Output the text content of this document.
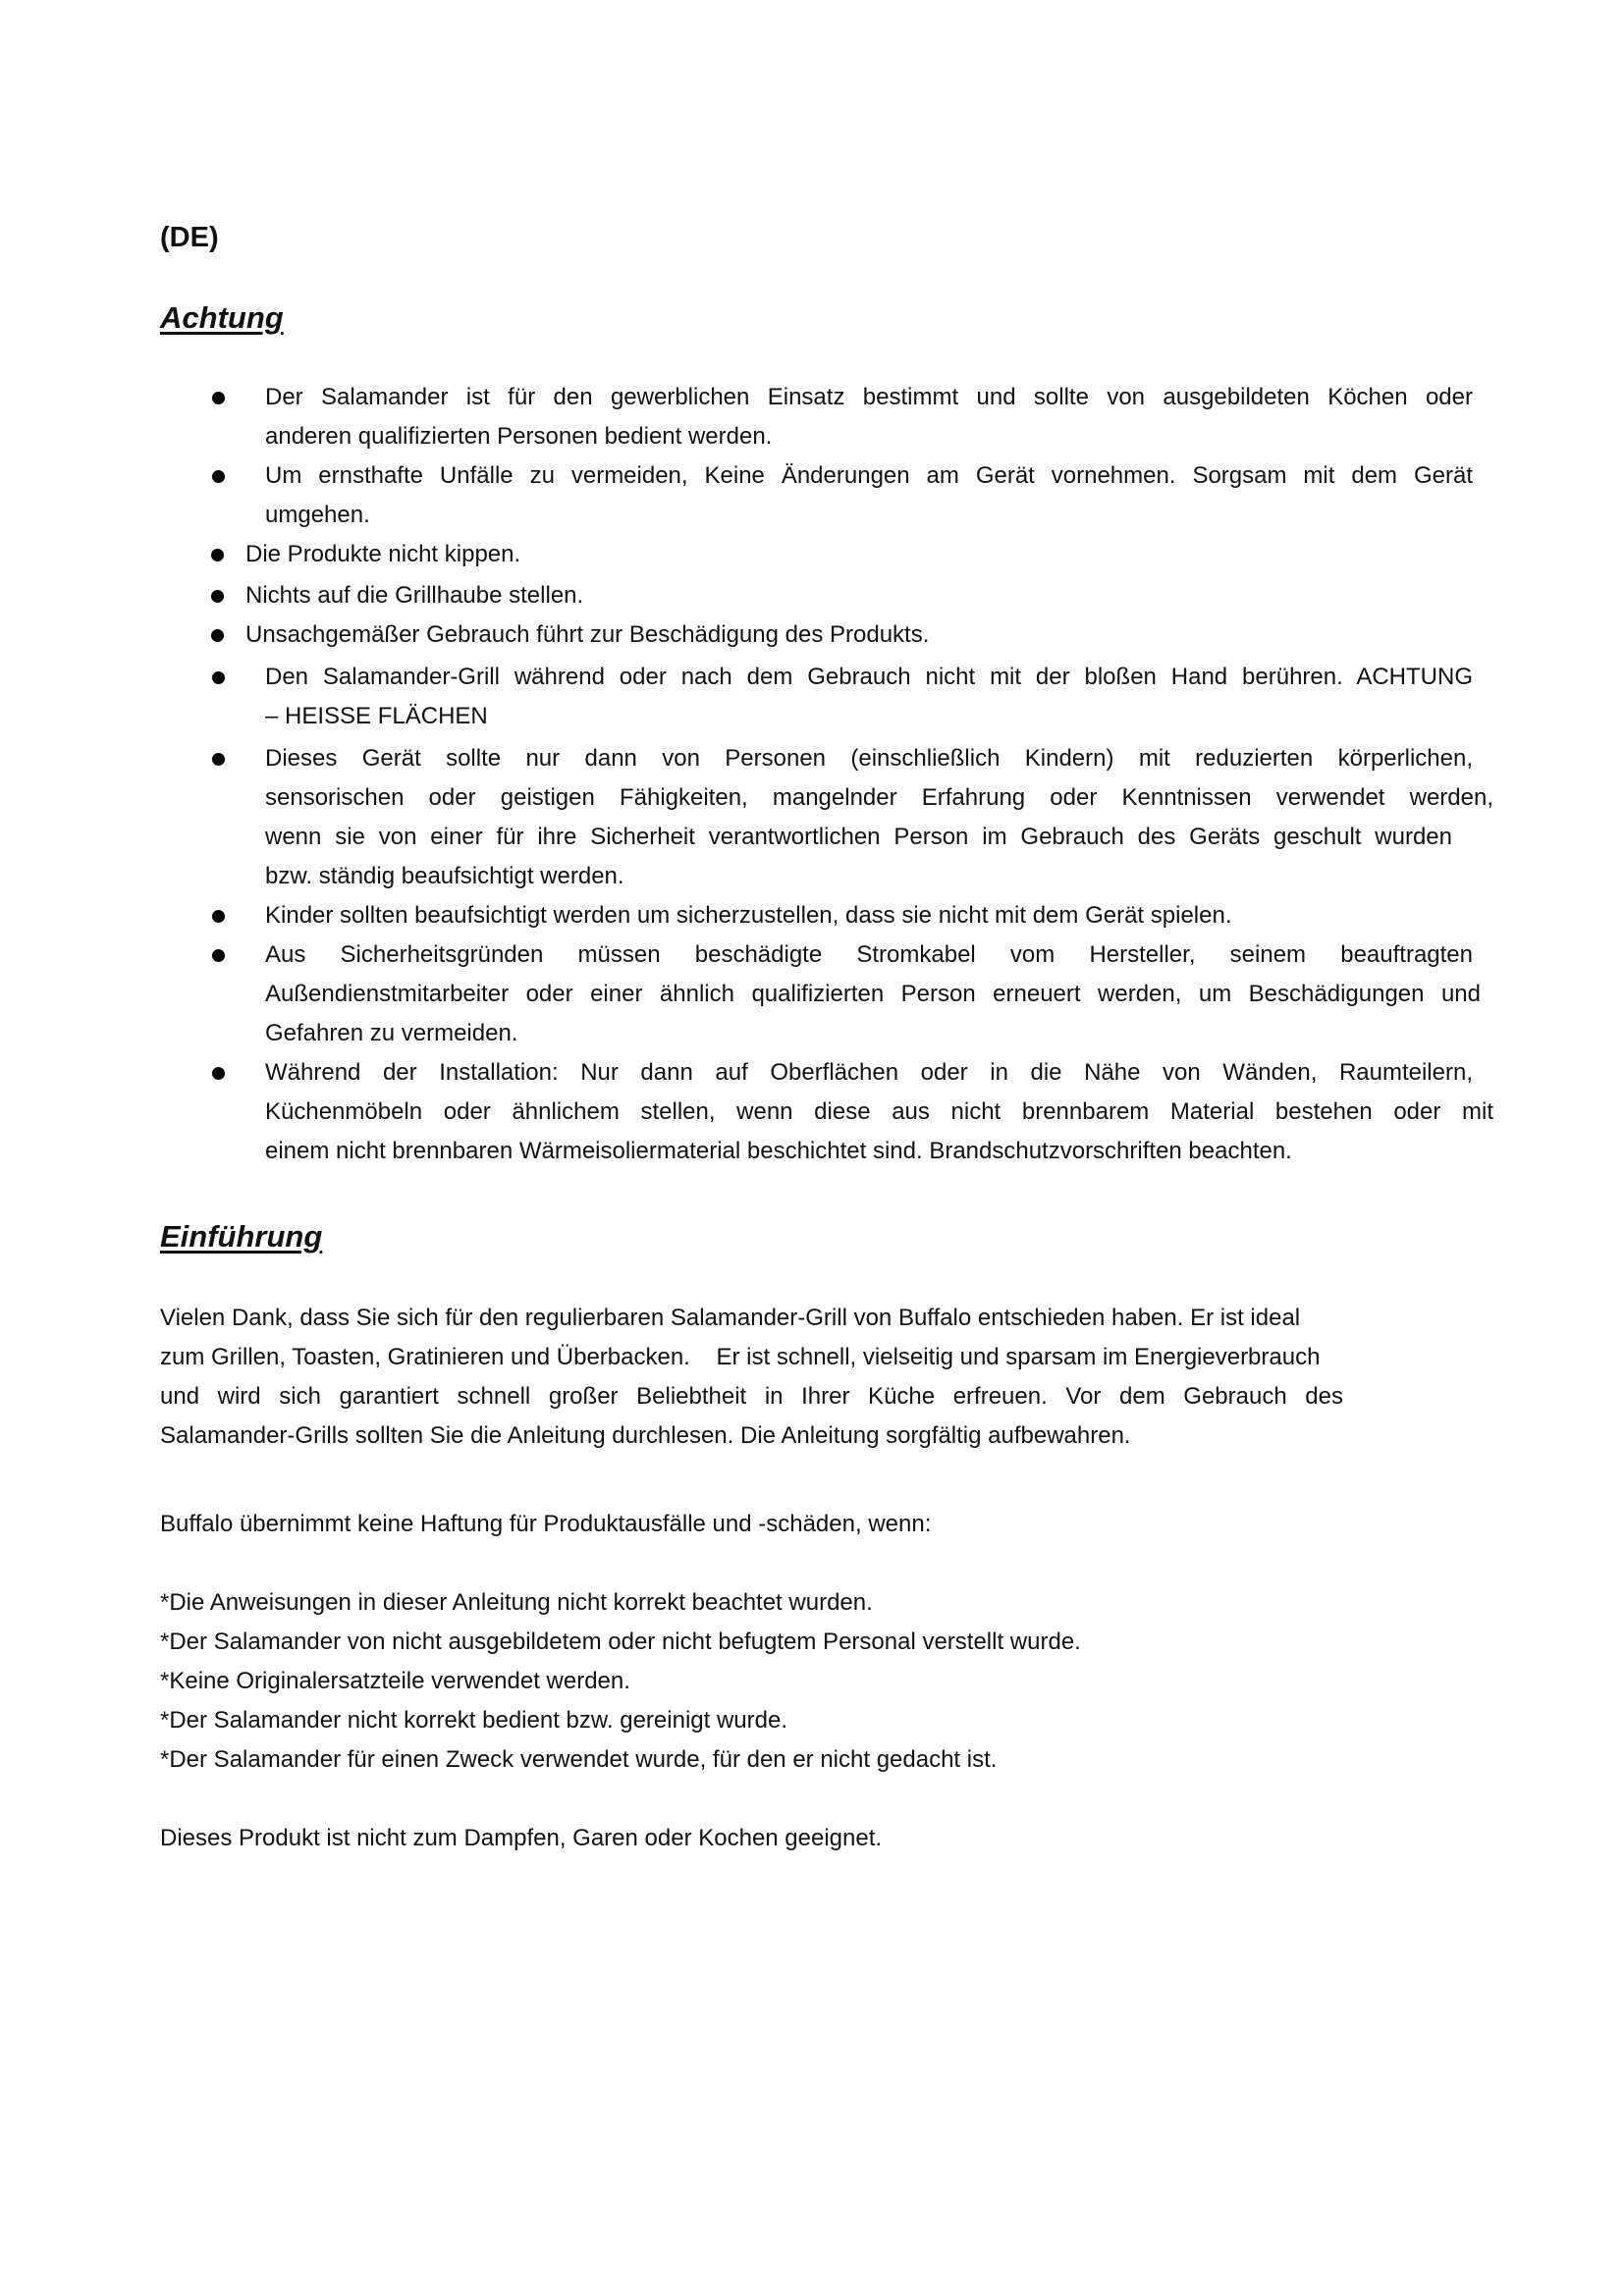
(DE)

Achtung
Der Salamander ist für den gewerblichen Einsatz bestimmt und sollte von ausgebildeten Köchen oder
anderen qualifizierten Personen bedient werden.
Um ernsthafte Unfälle zu vermeiden, Keine Änderungen am Gerät vornehmen. Sorgsam mit dem Gerät
umgehen.
Die Produkte nicht kippen.
Nichts auf die Grillhaube stellen.
Unsachgemäßer Gebrauch führt zur Beschädigung des Produkts.
Den Salamander-Grill während oder nach dem Gebrauch nicht mit der bloßen Hand berühren. ACHTUNG
– HEISSE FLÄCHEN
Dieses Gerät sollte nur dann von Personen (einschließlich Kindern) mit reduzierten körperlichen,
sensorischen oder geistigen Fähigkeiten, mangelnder Erfahrung oder Kenntnissen verwendet werden,
wenn sie von einer für ihre Sicherheit verantwortlichen Person im Gebrauch des Geräts geschult wurden
bzw. ständig beaufsichtigt werden.
Kinder sollten beaufsichtigt werden um sicherzustellen, dass sie nicht mit dem Gerät spielen.
Aus Sicherheitsgründen müssen beschädigte Stromkabel vom Hersteller, seinem beauftragten
Außendienstmitarbeiter oder einer ähnlich qualifizierten Person erneuert werden, um Beschädigungen und
Gefahren zu vermeiden.
Während der Installation: Nur dann auf Oberflächen oder in die Nähe von Wänden, Raumteilern,
Küchenmöbeln oder ähnlichem stellen, wenn diese aus nicht brennbarem Material bestehen oder mit
einem nicht brennbaren Wärmeisoliermaterial beschichtet sind. Brandschutzvorschriften beachten.
Einführung

Vielen Dank, dass Sie sich für den regulierbaren Salamander-Grill von Buffalo entschieden haben. Er ist ideal
zum Grillen, Toasten, Gratinieren und Überbacken.    Er ist schnell, vielseitig und sparsam im Energieverbrauch
und wird sich garantiert schnell großer Beliebtheit in Ihrer Küche erfreuen. Vor dem Gebrauch des
Salamander-Grills sollten Sie die Anleitung durchlesen. Die Anleitung sorgfältig aufbewahren.

Buffalo übernimmt keine Haftung für Produktausfälle und -schäden, wenn:

*Die Anweisungen in dieser Anleitung nicht korrekt beachtet wurden.
*Der Salamander von nicht ausgebildetem oder nicht befugtem Personal verstellt wurde.
*Keine Originalersatzteile verwendet werden.
*Der Salamander nicht korrekt bedient bzw. gereinigt wurde.
*Der Salamander für einen Zweck verwendet wurde, für den er nicht gedacht ist.

Dieses Produkt ist nicht zum Dampfen, Garen oder Kochen geeignet.
